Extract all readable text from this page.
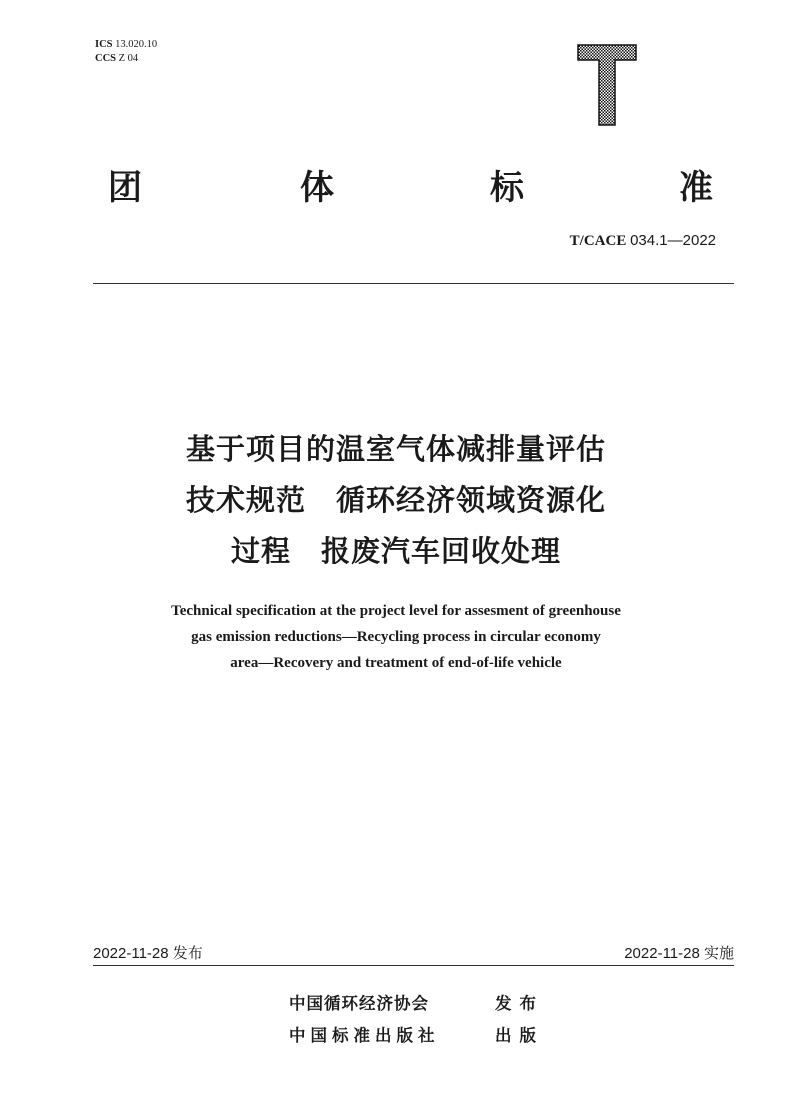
ICS 13.020.10
CCS Z 04
团	体	标	准
T/CACE 034.1—2022
基于项目的温室气体减排量评估
技术规范　循环经济领域资源化
过程　报废汽车回收处理
Technical specification at the project level for assesment of greenhouse
gas emission reductions—Recycling process in circular economy
area—Recovery and treatment of end-of-life vehicle
2022-11-28 发布	2022-11-28 实施
中国循环经济协会	发布
中国标准出版社	出版
